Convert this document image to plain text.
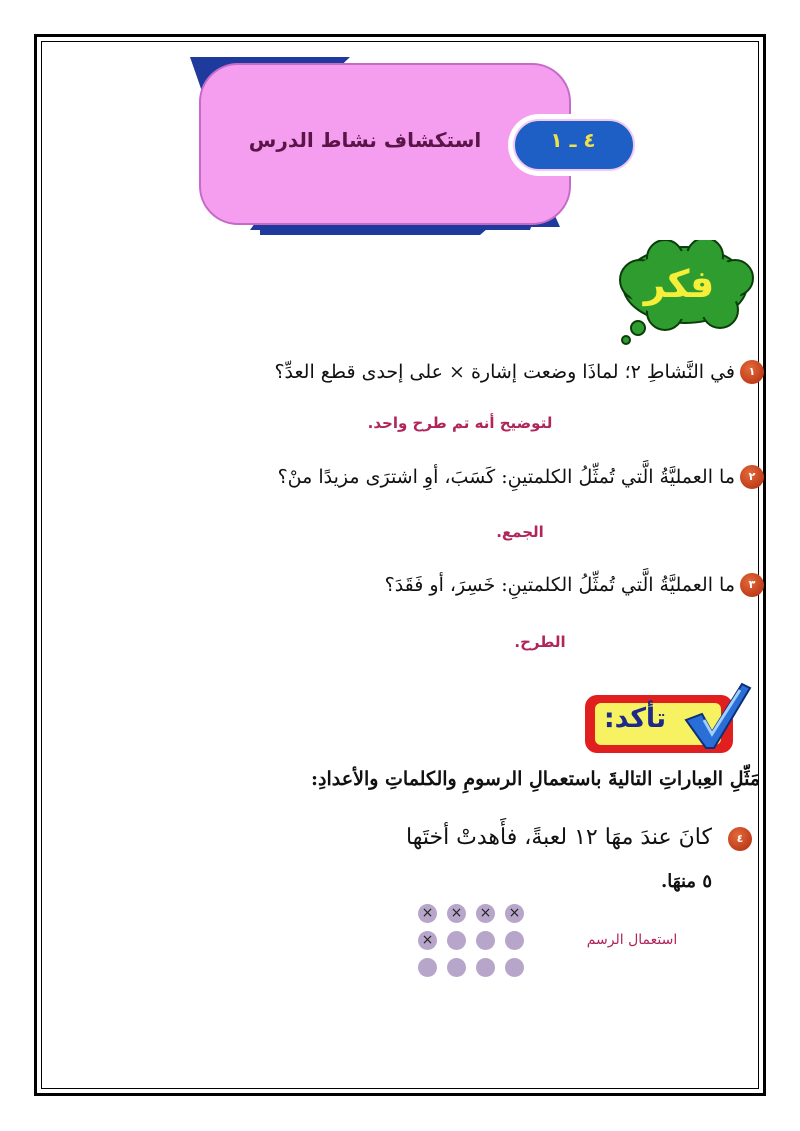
استكشاف نشاط الدرس	٤ ـ ١
فكر
١
في النَّشاطِ ٢؛ لماذَا وضعت إشارة × على إحدى قطع العدِّ؟
لتوضيح أنه تم طرح واحد.
٢
ما العمليَّةُ الَّتي تُمثِّلُ الكلمتينِ: كَسَبَ، أوِ اشترَى مزيدًا منْ؟
الجمع.
٣
ما العمليَّةُ الَّتي تُمثِّلُ الكلمتينِ: خَسِرَ، أو فَقَدَ؟
الطرح.
تأكد:
مَثِّلِ العِباراتِ التاليةَ باستعمالِ الرسومِ والكلماتِ والأعدادِ:
٤
كانَ عندَ مهَا ١٢ لعبةً، فأَهدتْ أختَها
٥ منهَا.
× × × ×
×	استعمال الرسم
